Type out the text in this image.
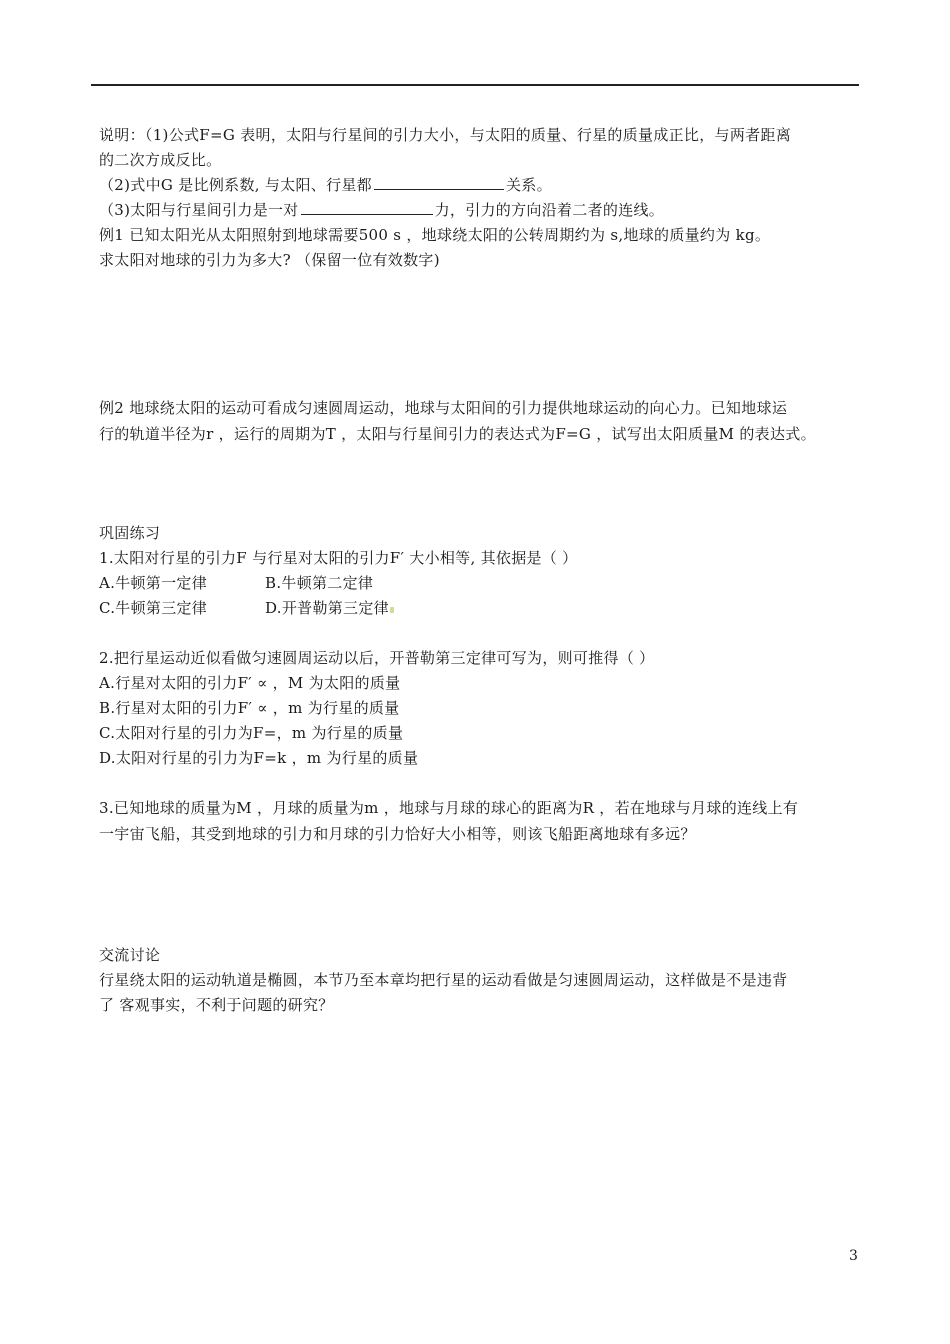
说明：（1)公式F=G 表明，太阳与行星间的引力大小，与太阳的质量、行星的质量成正比，与两者距离
的二次方成反比。
（2)式中G 是比例系数, 与太阳、行星都	关系。
（3)太阳与行星间引力是一对	力，引力的方向沿着二者的连线。
例1 已知太阳光从太阳照射到地球需要500 s ，地球绕太阳的公转周期约为 s,地球的质量约为 kg。
求太阳对地球的引力为多大? （保留一位有效数字)
例2 地球绕太阳的运动可看成匀速圆周运动，地球与太阳间的引力提供地球运动的向心力。已知地球运
行的轨道半径为r ，运行的周期为T ，太阳与行星间引力的表达式为F=G ，试写出太阳质量M 的表达式。
巩固练习
1.太阳对行星的引力F 与行星对太阳的引力F′ 大小相等, 其依据是（ ）
A.牛顿第一定律	B.牛顿第二定律
C.牛顿第三定律	D.开普勒第三定律
2.把行星运动近似看做匀速圆周运动以后，开普勒第三定律可写为，则可推得（ ）
A.行星对太阳的引力F′ ∝ ，M 为太阳的质量
B.行星对太阳的引力F′ ∝ ，m 为行星的质量
C.太阳对行星的引力为F=，m 为行星的质量
D.太阳对行星的引力为F=k ，m 为行星的质量
3.已知地球的质量为M ，月球的质量为m ，地球与月球的球心的距离为R ，若在地球与月球的连线上有
一宇宙飞船，其受到地球的引力和月球的引力恰好大小相等，则该飞船距离地球有多远？
交流讨论
行星绕太阳的运动轨道是椭圆，本节乃至本章均把行星的运动看做是匀速圆周运动，这样做是不是违背
了 客观事实，不利于问题的研究？
3
